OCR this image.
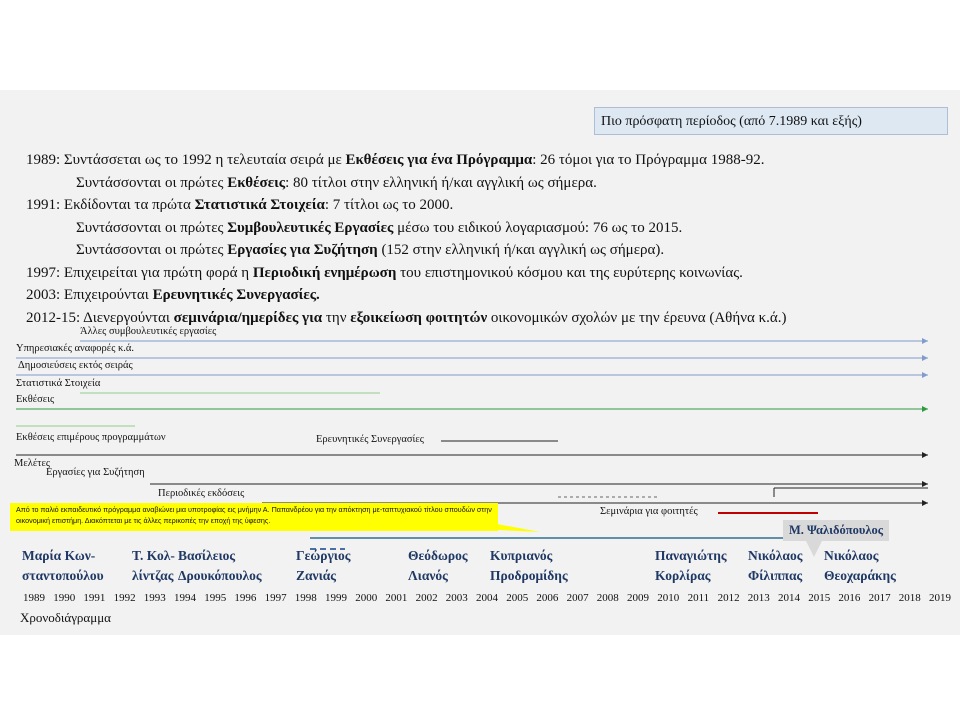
Πιο πρόσφατη περίοδος (από 7.1989 και εξής)
1989: Συντάσσεται ως το 1992 η τελευταία σειρά με Εκθέσεις για ένα Πρόγραμμα: 26 τόμοι για το Πρόγραμμα 1988-92.
Συντάσσονται οι πρώτες Εκθέσεις: 80 τίτλοι στην ελληνική ή/και αγγλική ως σήμερα.
1991: Εκδίδονται τα πρώτα Στατιστικά Στοιχεία: 7 τίτλοι ως το 2000.
Συντάσσονται οι πρώτες Συμβουλευτικές Εργασίες μέσω του ειδικού λογαριασμού: 76 ως το 2015.
Συντάσσονται οι πρώτες Εργασίες για Συζήτηση (152 στην ελληνική ή/και αγγλική ως σήμερα).
1997: Επιχειρείται για πρώτη φορά η Περιοδική ενημέρωση του επιστημονικού κόσμου και της ευρύτερης κοινωνίας.
2003: Επιχειρούνται Ερευνητικές Συνεργασίες.
2012-15: Διενεργούνται σεμινάρια/ημερίδες για την εξοικείωση φοιτητών οικονομικών σχολών με την έρευνα (Αθήνα κ.ά.)
Άλλες συμβουλευτικές εργασίες
Υπηρεσιακές αναφορές κ.ά.
Δημοσιεύσεις εκτός σειράς
Στατιστικά Στοιχεία
Εκθέσεις
Εκθέσεις επιμέρους προγραμμάτων
Μελέτες
Εργασίες για Συζήτηση
Περιοδικές εκδόσεις
Ερευνητικές Συνεργασίες
Σεμινάρια για φοιτητές
Από το παλιό εκπαιδευτικό πρόγραμμα αναβιώνει μια υποτροφίας εις μνήμην Α. Παπανδρέου για την απόκτηση με-ταπτυχιακού τίτλου σπουδών στην οικονομική επιστήμη. Διακόπτεται με τις άλλες περικοπές την εποχή της ύφεσης.
Μ. Ψαλιδόπουλος
Μαρία Κων-
σταντοπούλου
Τ. Κολ-
λίντζας
Βασίλειος
Δρουκόπουλος
Γεώργιος
Ζανιάς
Θεόδωρος
Λιανός
Κυπριανός
Προδρομίδης
Παναγιώτης
Κορλίρας
Νικόλαος
Φίλιππας
Νικόλαος
Θεοχαράκης
1989 1990 1991 1992 1993 1994 1995 1996 1997 1998 1999 2000 2001 2002 2003 2004 2005 2006 2007 2008 2009 2010 2011 2012 2013 2014 2015 2016 2017 2018 2019
Χρονοδιάγραμμα
